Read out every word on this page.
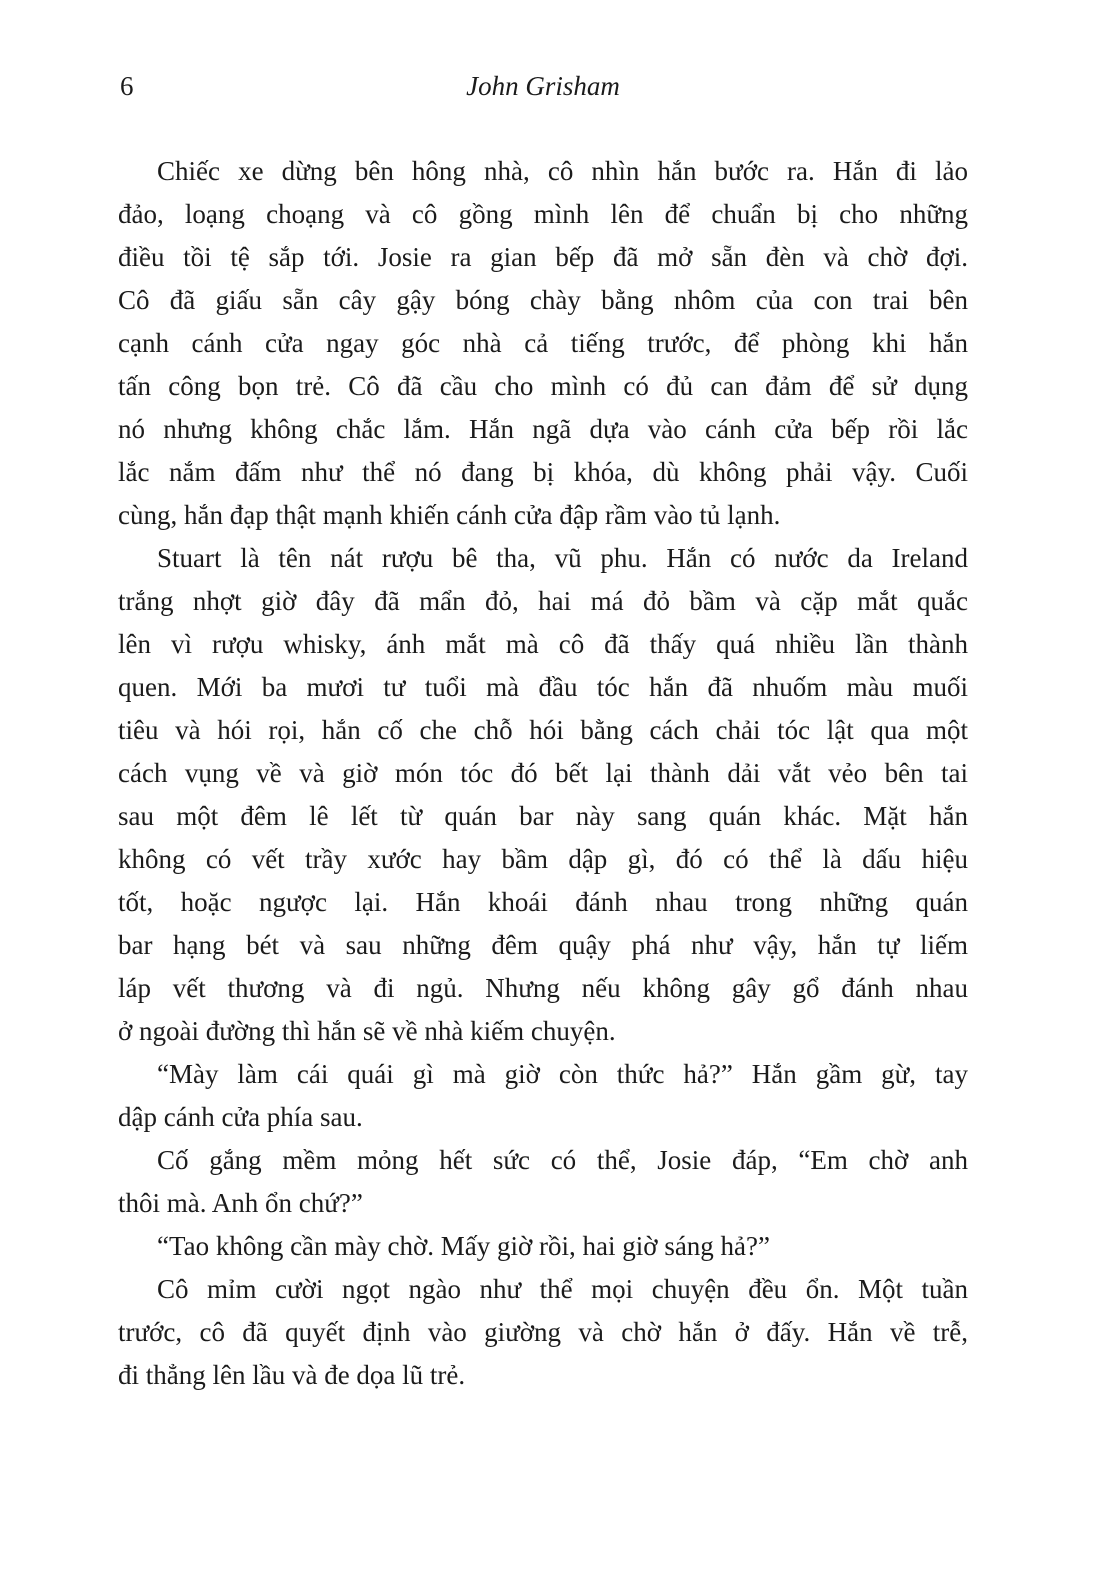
6	John Grisham
Chiếc xe dừng bên hông nhà, cô nhìn hắn bước ra. Hắn đi lảo
đảo, loạng choạng và cô gồng mình lên để chuẩn bị cho những
điều tồi tệ sắp tới. Josie ra gian bếp đã mở sẵn đèn và chờ đợi.
Cô đã giấu sẵn cây gậy bóng chày bằng nhôm của con trai bên
cạnh cánh cửa ngay góc nhà cả tiếng trước, để phòng khi hắn
tấn công bọn trẻ. Cô đã cầu cho mình có đủ can đảm để sử dụng
nó nhưng không chắc lắm. Hắn ngã dựa vào cánh cửa bếp rồi lắc
lắc nắm đấm như thể nó đang bị khóa, dù không phải vậy. Cuối
cùng, hắn đạp thật mạnh khiến cánh cửa đập rầm vào tủ lạnh.
Stuart là tên nát rượu bê tha, vũ phu. Hắn có nước da Ireland
trắng nhợt giờ đây đã mẩn đỏ, hai má đỏ bầm và cặp mắt quắc
lên vì rượu whisky, ánh mắt mà cô đã thấy quá nhiều lần thành
quen. Mới ba mươi tư tuổi mà đầu tóc hắn đã nhuốm màu muối
tiêu và hói rọi, hắn cố che chỗ hói bằng cách chải tóc lật qua một
cách vụng về và giờ món tóc đó bết lại thành dải vắt vẻo bên tai
sau một đêm lê lết từ quán bar này sang quán khác. Mặt hắn
không có vết trầy xước hay bầm dập gì, đó có thể là dấu hiệu
tốt, hoặc ngược lại. Hắn khoái đánh nhau trong những quán
bar hạng bét và sau những đêm quậy phá như vậy, hắn tự liếm
láp vết thương và đi ngủ. Nhưng nếu không gây gổ đánh nhau
ở ngoài đường thì hắn sẽ về nhà kiếm chuyện.
“Mày làm cái quái gì mà giờ còn thức hả?” Hắn gầm gừ, tay
dập cánh cửa phía sau.
Cố gắng mềm mỏng hết sức có thể, Josie đáp, “Em chờ anh
thôi mà. Anh ổn chứ?”
“Tao không cần mày chờ. Mấy giờ rồi, hai giờ sáng hả?”
Cô mỉm cười ngọt ngào như thể mọi chuyện đều ổn. Một tuần
trước, cô đã quyết định vào giường và chờ hắn ở đấy. Hắn về trễ,
đi thẳng lên lầu và đe dọa lũ trẻ.
